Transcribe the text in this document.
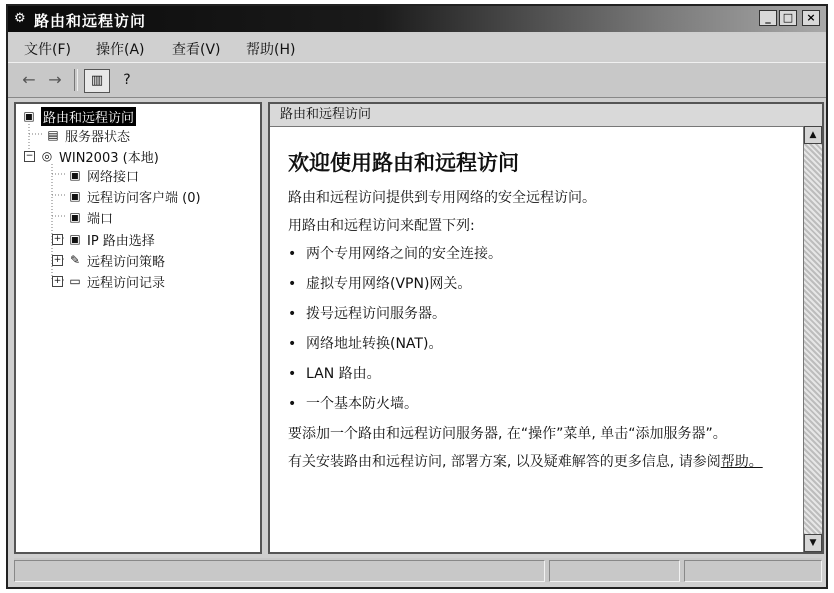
⚙ 路由和远程访问	_	□	×
文件(F) 操作(A) 查看(V) 帮助(H)
← →	▥	?
▣ 路由和远程访问
▤ 服务器状态
− ◎ WIN2003 (本地)
▣ 网络接口
▣ 远程访问客户端 (0)
▣ 端口
+ ▣ IP 路由选择
+ ✎ 远程访问策略
+ ▭ 远程访问记录
路由和远程访问
欢迎使用路由和远程访问

路由和远程访问提供到专用网络的安全远程访问。

用路由和远程访问来配置下列:

• 两个专用网络之间的安全连接。
• 虚拟专用网络(VPN)网关。
• 拨号远程访问服务器。
• 网络地址转换(NAT)。
• LAN 路由。
• 一个基本防火墙。

要添加一个路由和远程访问服务器, 在“操作”菜单, 单击“添加服务器”。

有关安装路由和远程访问, 部署方案, 以及疑难解答的更多信息, 请参阅帮助。

▲
▼
